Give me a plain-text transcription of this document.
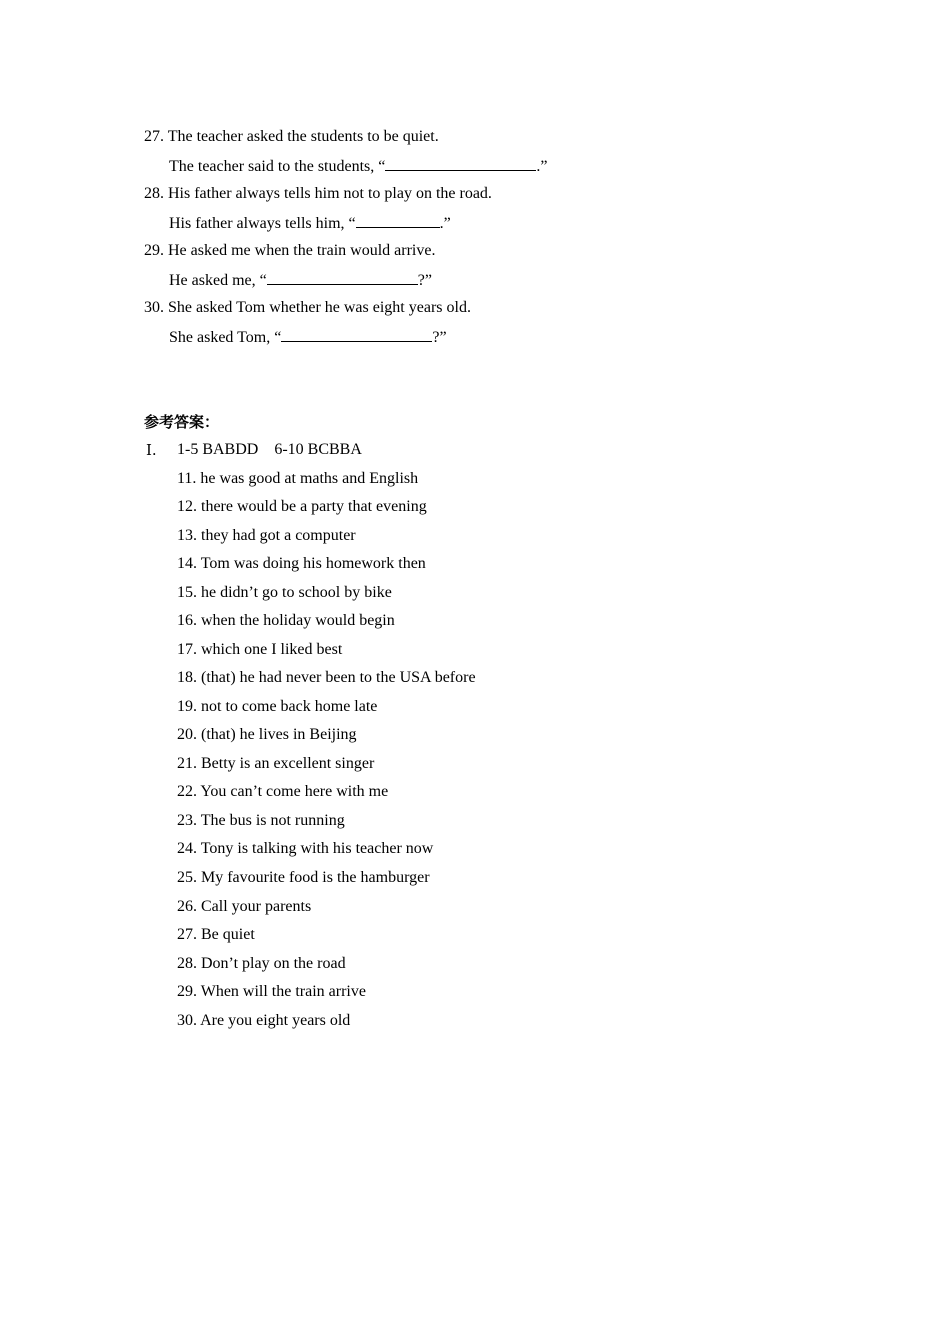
27. The teacher asked the students to be quiet.
The teacher said to the students, “	.”
28. His father always tells him not to play on the road.
His father always tells him, “	.”
29. He asked me when the train would arrive.
He asked me, “	?”
30. She asked Tom whether he was eight years old.
She asked Tom, “	?”
参考答案：
Ⅰ. 1-5 BABDD    6-10 BCBBA
11. he was good at maths and English
12. there would be a party that evening
13. they had got a computer
14. Tom was doing his homework then
15. he didn’t go to school by bike
16. when the holiday would begin
17. which one I liked best
18. (that) he had never been to the USA before
19. not to come back home late
20. (that) he lives in Beijing
21. Betty is an excellent singer
22. You can’t come here with me
23. The bus is not running
24. Tony is talking with his teacher now
25. My favourite food is the hamburger
26. Call your parents
27. Be quiet
28. Don’t play on the road
29. When will the train arrive
30. Are you eight years old
